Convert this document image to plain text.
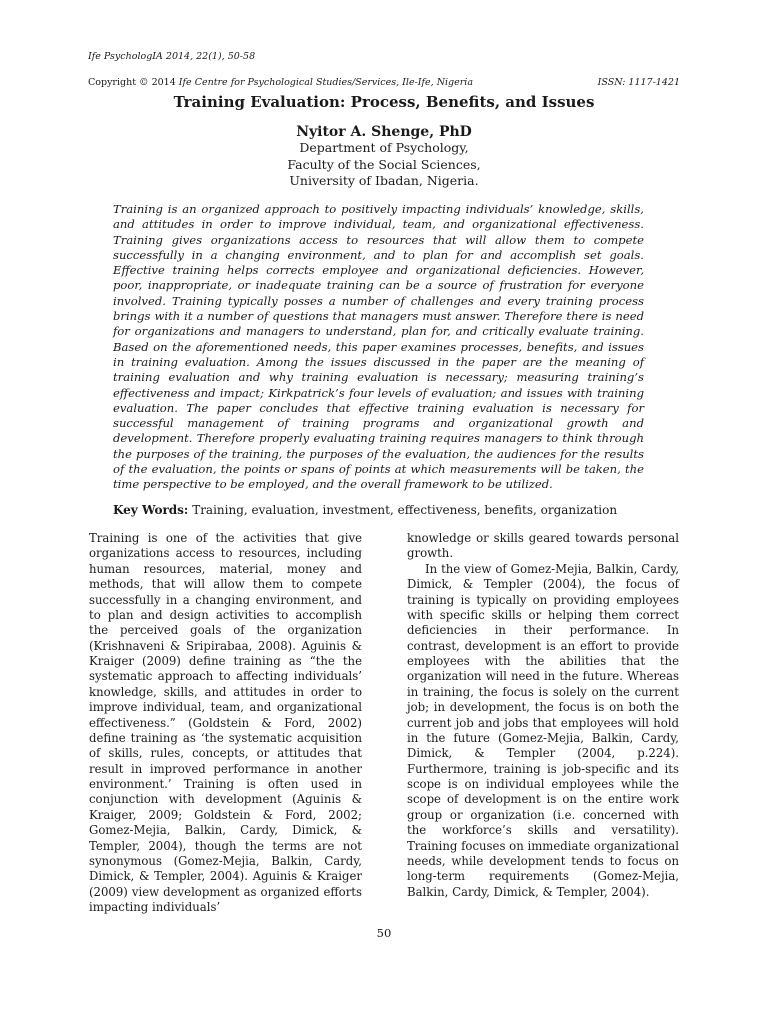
Ife PsychologIA 2014, 22(1), 50-58
Copyright © 2014 Ife Centre for Psychological Studies/Services, Ile-Ife, Nigeria	ISSN: 1117-1421
Training Evaluation: Process, Benefits, and Issues
Nyitor A. Shenge, PhD
Department of Psychology,
Faculty of the Social Sciences,
University of Ibadan, Nigeria.

Training is an organized approach to positively impacting individuals’ knowledge, skills, and attitudes in order to improve individual, team, and organizational effectiveness. Training gives organizations access to resources that will allow them to compete successfully in a changing environment, and to plan for and accomplish set goals. Effective training helps corrects employee and organizational deficiencies. However, poor, inappropriate, or inadequate training can be a source of frustration for everyone involved. Training typically posses a number of challenges and every training process brings with it a number of questions that managers must answer. Therefore there is need for organizations and managers to understand, plan for, and critically evaluate training. Based on the aforementioned needs, this paper examines processes, benefits, and issues in training evaluation. Among the issues discussed in the paper are the meaning of training evaluation and why training evaluation is necessary; measuring training’s effectiveness and impact; Kirkpatrick’s four levels of evaluation; and issues with training evaluation. The paper concludes that effective training evaluation is necessary for successful management of training programs and organizational growth and development. Therefore properly evaluating training requires managers to think through the purposes of the training, the purposes of the evaluation, the audiences for the results of the evaluation, the points or spans of points at which measurements will be taken, the time perspective to be employed, and the overall framework to be utilized.

Key Words: Training, evaluation, investment, effectiveness, benefits, organization

Training is one of the activities that give organizations access to resources, including human resources, material, money and methods, that will allow them to compete successfully in a changing environment, and to plan and design activities to accomplish the perceived goals of the organization (Krishnaveni & Sripirabaa, 2008). Aguinis & Kraiger (2009) define training as “the the systematic approach to affecting individuals’ knowledge, skills, and attitudes in order to improve individual, team, and organizational effectiveness.” (Goldstein & Ford, 2002) define training as ‘the systematic acquisition of skills, rules, concepts, or attitudes that result in improved performance in another environment.’ Training is often used in conjunction with development (Aguinis & Kraiger, 2009; Goldstein & Ford, 2002; Gomez-Mejia, Balkin, Cardy, Dimick, & Templer, 2004), though the terms are not synonymous (Gomez-Mejia, Balkin, Cardy, Dimick, & Templer, 2004). Aguinis & Kraiger (2009) view development as organized efforts impacting individuals’

knowledge or skills geared towards personal growth.

In the view of Gomez-Mejia, Balkin, Cardy, Dimick, & Templer (2004), the focus of training is typically on providing employees with specific skills or helping them correct deficiencies in their performance. In contrast, development is an effort to provide employees with the abilities that the organization will need in the future. Whereas in training, the focus is solely on the current job; in development, the focus is on both the current job and jobs that employees will hold in the future (Gomez-Mejia, Balkin, Cardy, Dimick, & Templer (2004, p.224). Furthermore, training is job-specific and its scope is on individual employees while the scope of development is on the entire work group or organization (i.e. concerned with the workforce’s skills and versatility). Training focuses on immediate organizational needs, while development tends to focus on long-term requirements (Gomez-Mejia, Balkin, Cardy, Dimick, & Templer, 2004).

50
